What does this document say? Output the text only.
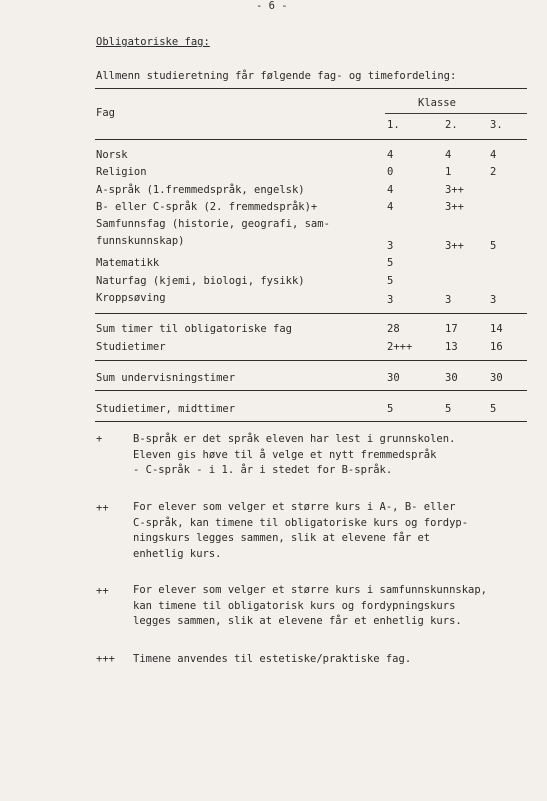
- 6 -
Obligatoriske fag:
Allmenn studieretning får følgende fag- og timefordeling:
Klasse
Fag
1.	2.	3.
Norsk	4	4	4
Religion	0	1	2
A-språk (1.fremmedspråk, engelsk)	4	3++
B- eller C-språk (2. fremmedspråk)+	4	3++
Samfunnsfag (historie, geografi, sam-
funnskunnskap)	3	3++ 5
Matematikk	5
Naturfag (kjemi, biologi, fysikk)	5
Kroppsøving	3	3	3
Sum timer til obligatoriske fag	28	17	14
Studietimer	2+++	13	16
Sum undervisningstimer	30	30	30
Studietimer, midttimer	5	5	5
+	B-språk er det språk eleven har lest i grunnskolen.
Eleven gis høve til å velge et nytt fremmedspråk
- C-språk - i 1. år i stedet for B-språk.
++ For elever som velger et større kurs i A-, B- eller
C-språk, kan timene til obligatoriske kurs og fordyp-
ningskurs legges sammen, slik at elevene får et
enhetlig kurs.
++ For elever som velger et større kurs i samfunnskunnskap,
kan timene til obligatorisk kurs og fordypningskurs
legges sammen, slik at elevene får et enhetlig kurs.
+++ Timene anvendes til estetiske/praktiske fag.
